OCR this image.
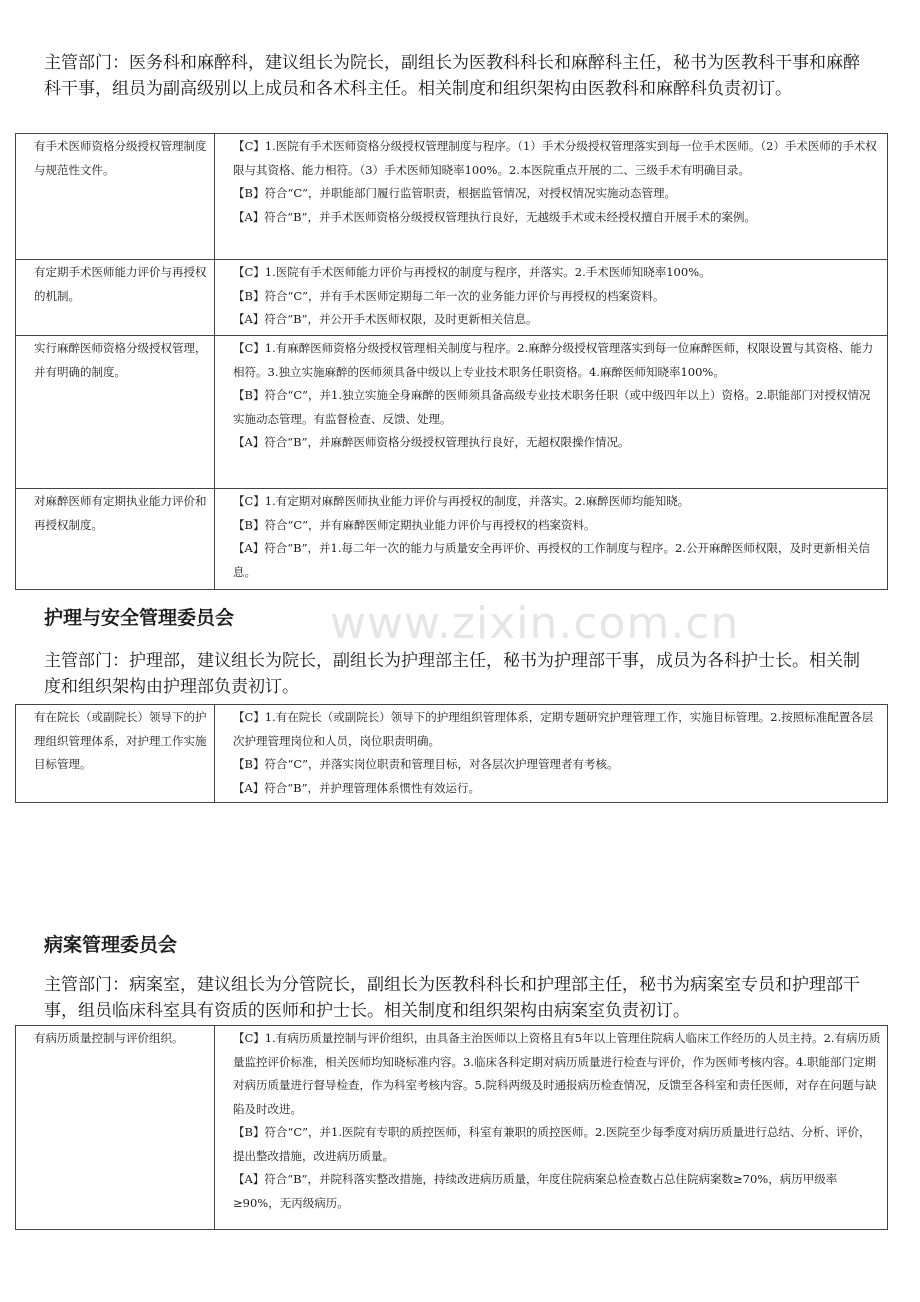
主管部门：医务科和麻醉科，建议组长为院长，副组长为医教科科长和麻醉科主任，秘书为医教科干事和麻醉科干事，组员为副高级别以上成员和各术科主任。相关制度和组织架构由医教科和麻醉科负责初订。

有手术医师资格分级授权管理制度与规范性文件。	【C】1.医院有手术医师资格分级授权管理制度与程序。（1）手术分级授权管理落实到每一位手术医师。（2）手术医师的手术权限与其资格、能力相符。（3）手术医师知晓率100%。2.本医院重点开展的二、三级手术有明确目录。
【B】符合“C”，并职能部门履行监管职责，根据监管情况，对授权情况实施动态管理。
【A】符合“B”，并手术医师资格分级授权管理执行良好，无越级手术或未经授权擅自开展手术的案例。

有定期手术医师能力评价与再授权的机制。	【C】1.医院有手术医师能力评价与再授权的制度与程序，并落实。2.手术医师知晓率100%。
【B】符合“C”，并有手术医师定期每二年一次的业务能力评价与再授权的档案资料。
【A】符合“B”，并公开手术医师权限，及时更新相关信息。

实行麻醉医师资格分级授权管理，并有明确的制度。	【C】1.有麻醉医师资格分级授权管理相关制度与程序。2.麻醉分级授权管理落实到每一位麻醉医师，权限设置与其资格、能力相符。3.独立实施麻醉的医师须具备中级以上专业技术职务任职资格。4.麻醉医师知晓率100%。
【B】符合“C”，并1.独立实施全身麻醉的医师须具备高级专业技术职务任职（或中级四年以上）资格。2.职能部门对授权情况实施动态管理。有监督检查、反馈、处理。
【A】符合“B”，并麻醉医师资格分级授权管理执行良好，无超权限操作情况。

对麻醉医师有定期执业能力评价和再授权制度。	【C】1.有定期对麻醉医师执业能力评价与再授权的制度，并落实。2.麻醉医师均能知晓。
【B】符合“C”，并有麻醉医师定期执业能力评价与再授权的档案资料。
【A】符合“B”，并1.每二年一次的能力与质量安全再评价、再授权的工作制度与程序。2.公开麻醉医师权限，及时更新相关信息。
www.zixin.com.cn
护理与安全管理委员会

主管部门：护理部，建议组长为院长，副组长为护理部主任，秘书为护理部干事，成员为各科护士长。相关制度和组织架构由护理部负责初订。

有在院长（或副院长）领导下的护理组织管理体系，对护理工作实施目标管理。	
【C】1.有在院长（或副院长）领导下的护理组织管理体系，定期专题研究护理管理工作，实施目标管理。2.按照标准配置各层次护理管理岗位和人员，岗位职责明确。
【B】符合“C”，并落实岗位职责和管理目标，对各层次护理管理者有考核。
【A】符合“B”，并护理管理体系惯性有效运行。
病案管理委员会

主管部门：病案室，建议组长为分管院长，副组长为医教科科长和护理部主任，秘书为病案室专员和护理部干事，组员临床科室具有资质的医师和护士长。相关制度和组织架构由病案室负责初订。

有病历质量控制与评价组织。	【C】1.有病历质量控制与评价组织，由具备主治医师以上资格且有5年以上管理住院病人临床工作经历的人员主持。2.有病历质量监控评价标准，相关医师均知晓标准内容。3.临床各科定期对病历质量进行检查与评价，作为医师考核内容。4.职能部门定期对病历质量进行督导检查，作为科室考核内容。5.院科两级及时通报病历检查情况，反馈至各科室和责任医师，对存在问题与缺陷及时改进。
【B】符合“C”，并1.医院有专职的质控医师，科室有兼职的质控医师。2.医院至少每季度对病历质量进行总结、分析、评价，提出整改措施，改进病历质量。
【A】符合“B”，并院科落实整改措施，持续改进病历质量，年度住院病案总检查数占总住院病案数≥70%，病历甲级率≥90%，无丙级病历。
